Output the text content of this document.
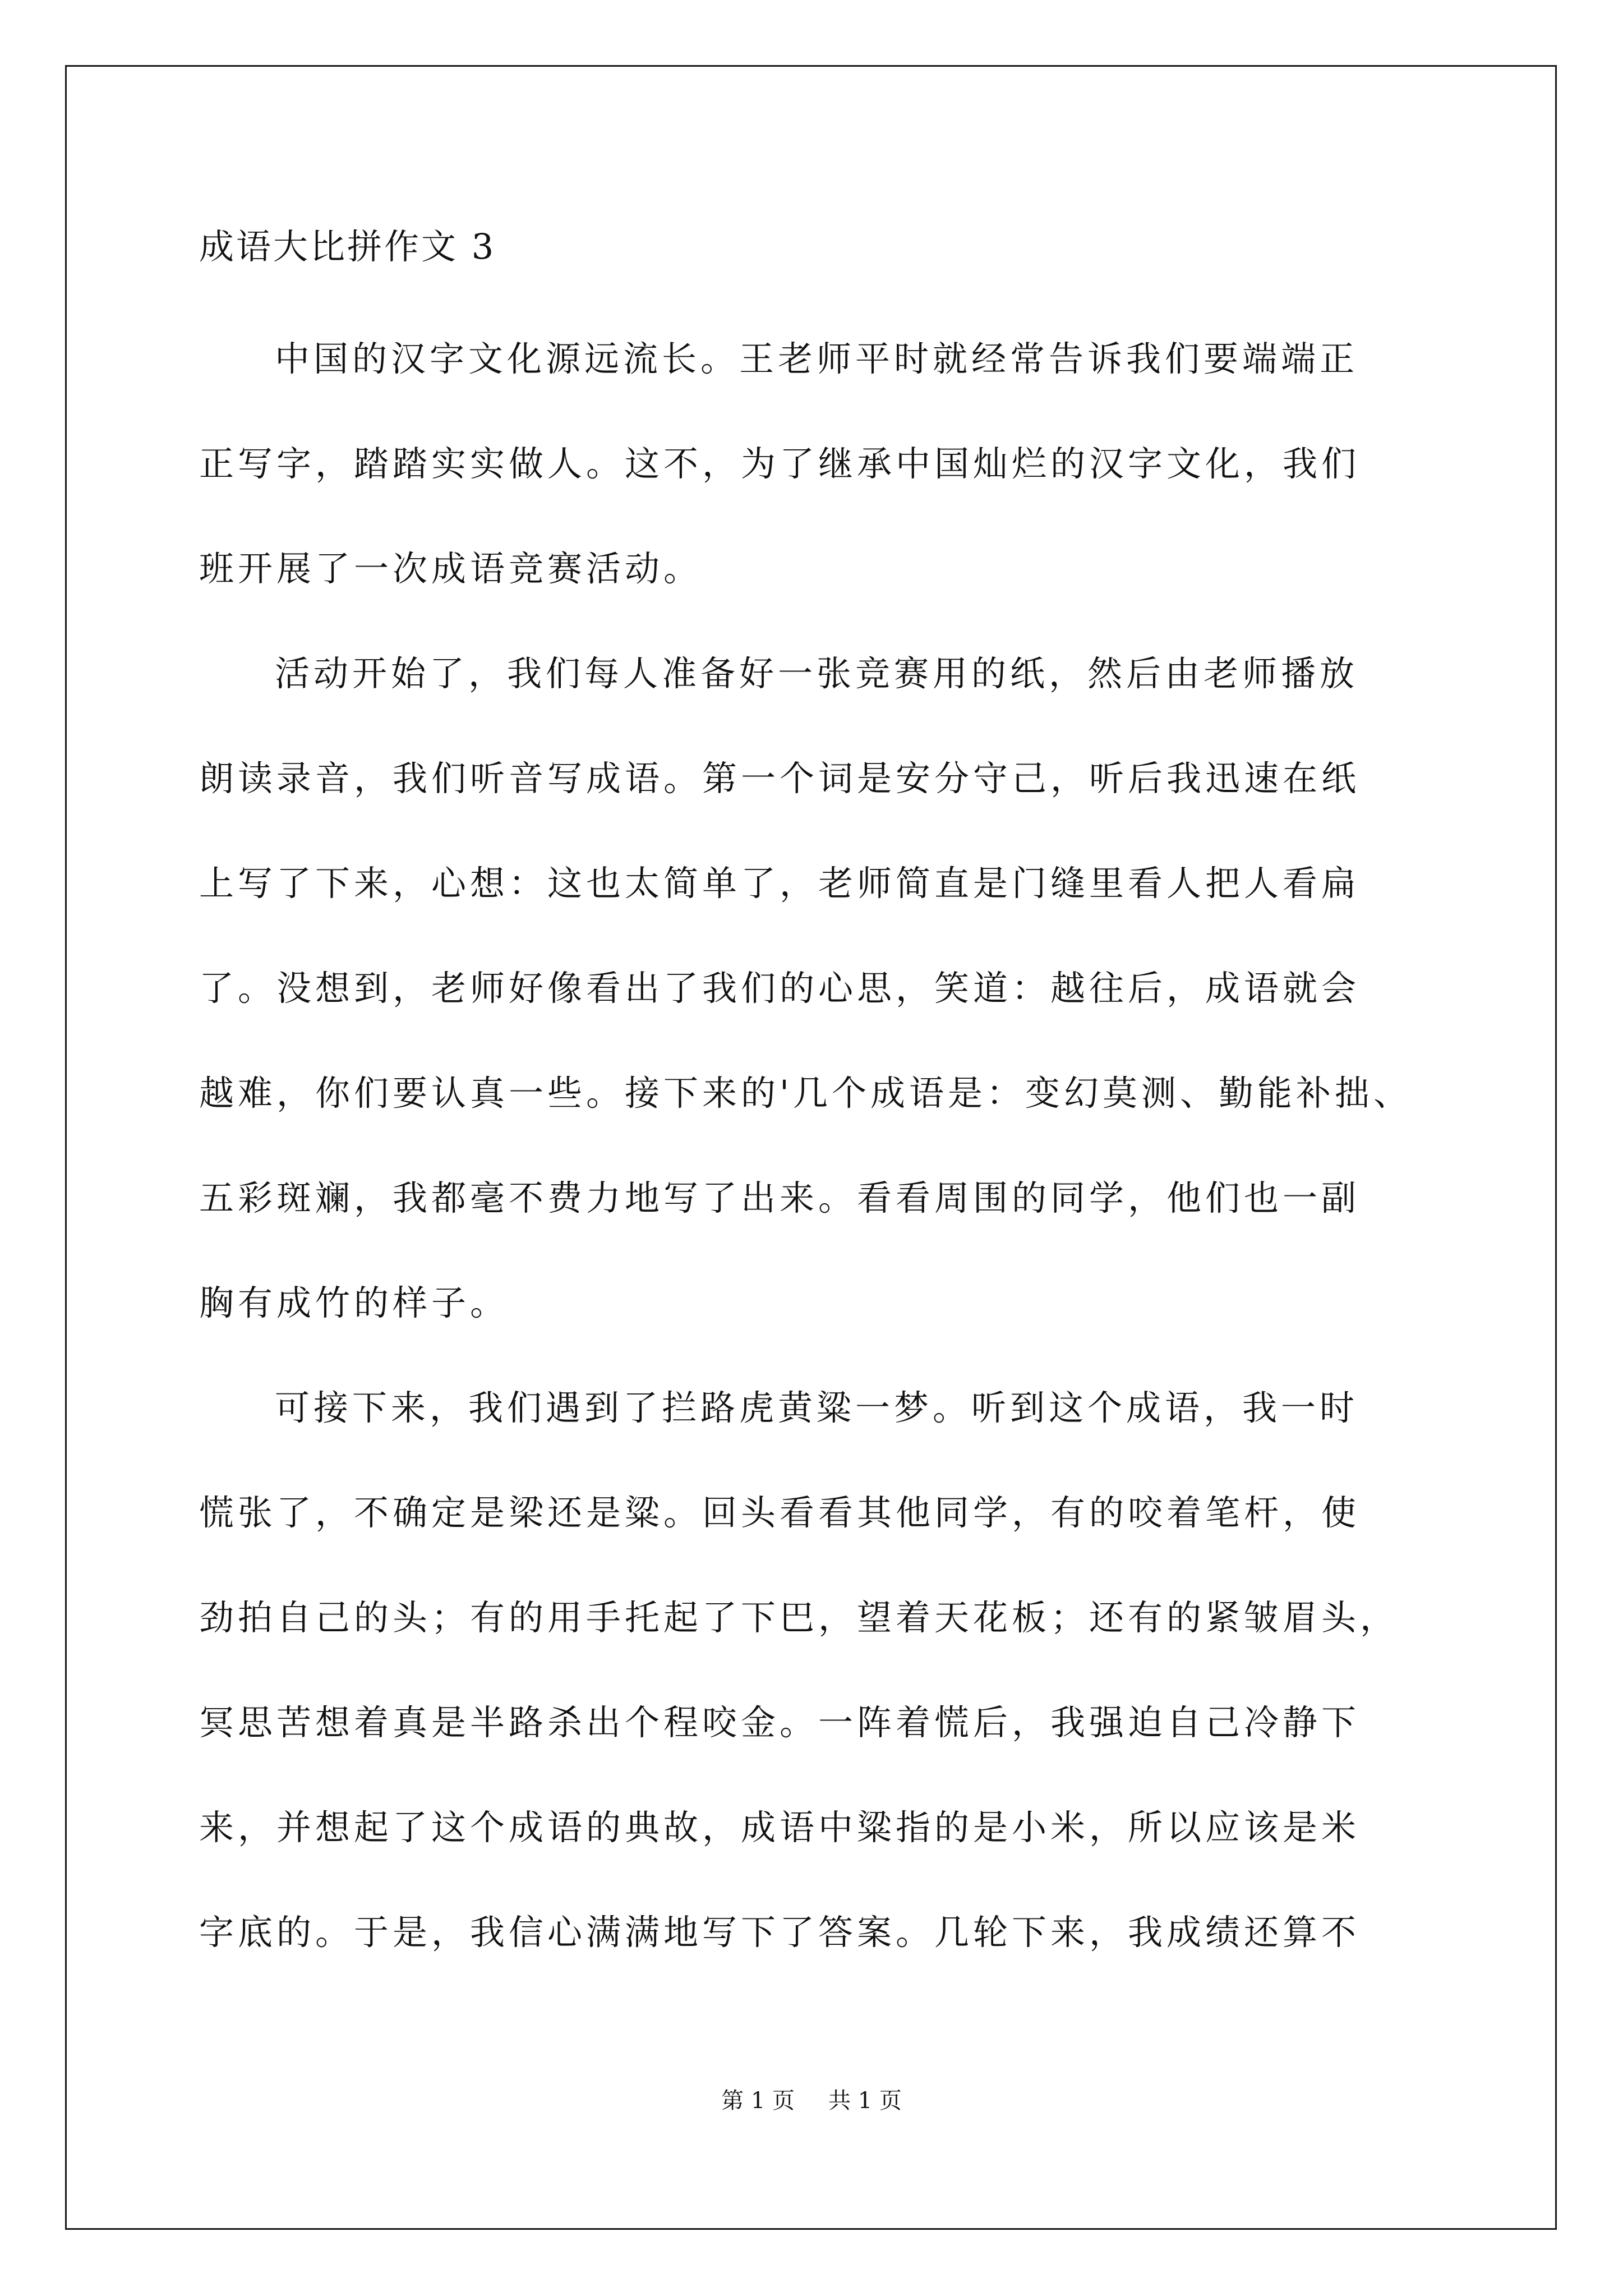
成语大比拼作文 3
中国的汉字文化源远流长。王老师平时就经常告诉我们要端端正
正写字，踏踏实实做人。这不，为了继承中国灿烂的汉字文化，我们
班开展了一次成语竞赛活动。
活动开始了，我们每人准备好一张竞赛用的纸，然后由老师播放
朗读录音，我们听音写成语。第一个词是安分守己，听后我迅速在纸
上写了下来，心想：这也太简单了，老师简直是门缝里看人把人看扁
了。没想到，老师好像看出了我们的心思，笑道：越往后，成语就会
越难，你们要认真一些。接下来的'几个成语是：变幻莫测、勤能补拙、
五彩斑斓，我都毫不费力地写了出来。看看周围的同学，他们也一副
胸有成竹的样子。
可接下来，我们遇到了拦路虎黄粱一梦。听到这个成语，我一时
慌张了，不确定是梁还是粱。回头看看其他同学，有的咬着笔杆，使
劲拍自己的头；有的用手托起了下巴，望着天花板；还有的紧皱眉头，
冥思苦想着真是半路杀出个程咬金。一阵着慌后，我强迫自己冷静下
来，并想起了这个成语的典故，成语中粱指的是小米，所以应该是米
字底的。于是，我信心满满地写下了答案。几轮下来，我成绩还算不
第 1 页 共 1 页
